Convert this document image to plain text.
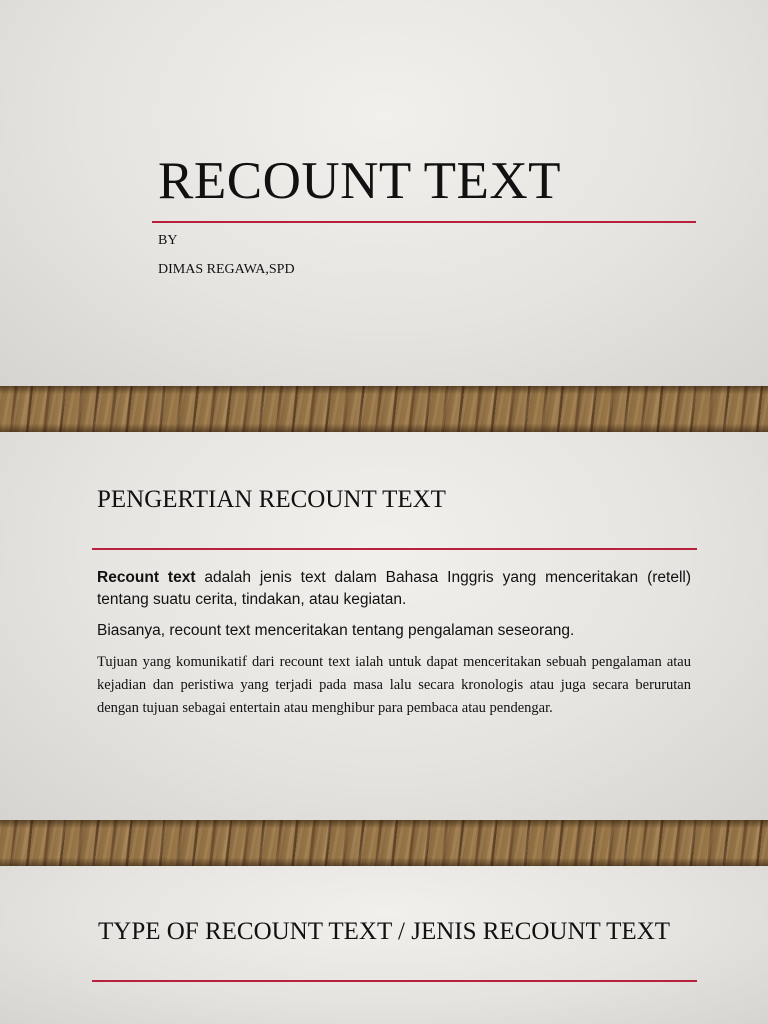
RECOUNT TEXT
BY
DIMAS REGAWA,SPD
PENGERTIAN RECOUNT TEXT

Recount text adalah jenis text dalam Bahasa Inggris yang menceritakan (retell) tentang suatu cerita, tindakan, atau kegiatan.

Biasanya, recount text menceritakan tentang pengalaman seseorang.

Tujuan yang komunikatif dari recount text ialah untuk dapat menceritakan sebuah pengalaman atau kejadian dan peristiwa yang terjadi pada masa lalu secara kronologis atau juga secara berurutan dengan tujuan sebagai entertain atau menghibur para pembaca atau pendengar.

TYPE OF RECOUNT TEXT / JENIS RECOUNT TEXT
